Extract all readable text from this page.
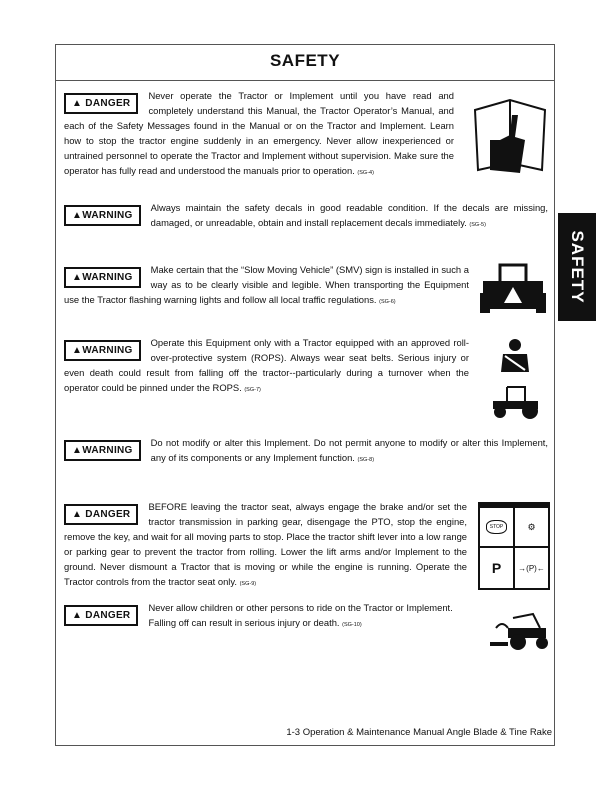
SAFETY
SAFETY
▲ DANGER
Never operate the Tractor or Implement until you have read and completely understand this Manual, the Tractor Operator’s Manual, and each of the Safety Messages found in the Manual or on the Tractor and Implement. Learn how to stop the tractor engine suddenly in an emergency. Never allow inexperienced or untrained personnel to operate the Tractor and Implement without supervision. Make sure the operator has fully read and understood the manuals prior to operation. (SG-4)
▲WARNING
Always maintain the safety decals in good readable condition. If the decals are missing, damaged, or unreadable, obtain and install replacement decals immediately. (SG-5)
▲WARNING
Make certain that the “Slow Moving Vehicle” (SMV) sign is installed in such a way as to be clearly visible and legible. When transporting the Equipment use the Tractor flashing warning lights and follow all local traffic regulations. (SG-6)
▲WARNING
Operate this Equipment only with a Tractor equipped with an approved roll-over-protective system (ROPS). Always wear seat belts. Serious injury or even death could result from falling off the tractor--particularly during a turnover when the operator could be pinned under the ROPS. (SG-7)
▲WARNING
Do not modify or alter this Implement. Do not permit anyone to modify or alter this Implement, any of its components or any Implement function. (SG-8)
▲ DANGER
BEFORE leaving the tractor seat, always engage the brake and/or set the tractor transmission in parking gear, disengage the PTO, stop the engine, remove the key, and wait for all moving parts to stop. Place the tractor shift lever into a low range or parking gear to prevent the tractor from rolling. Lower the lift arms and/or Implement to the ground. Never dismount a Tractor that is moving or while the engine is running. Operate the Tractor controls from the tractor seat only. (SG-9)
STOP	⚙
P	→(P)←
▲ DANGER
Never allow children or other persons to ride on the Tractor or Implement. Falling off can result in serious injury or death. (SG-10)
1-3 Operation & Maintenance Manual Angle Blade & Tine Rake
